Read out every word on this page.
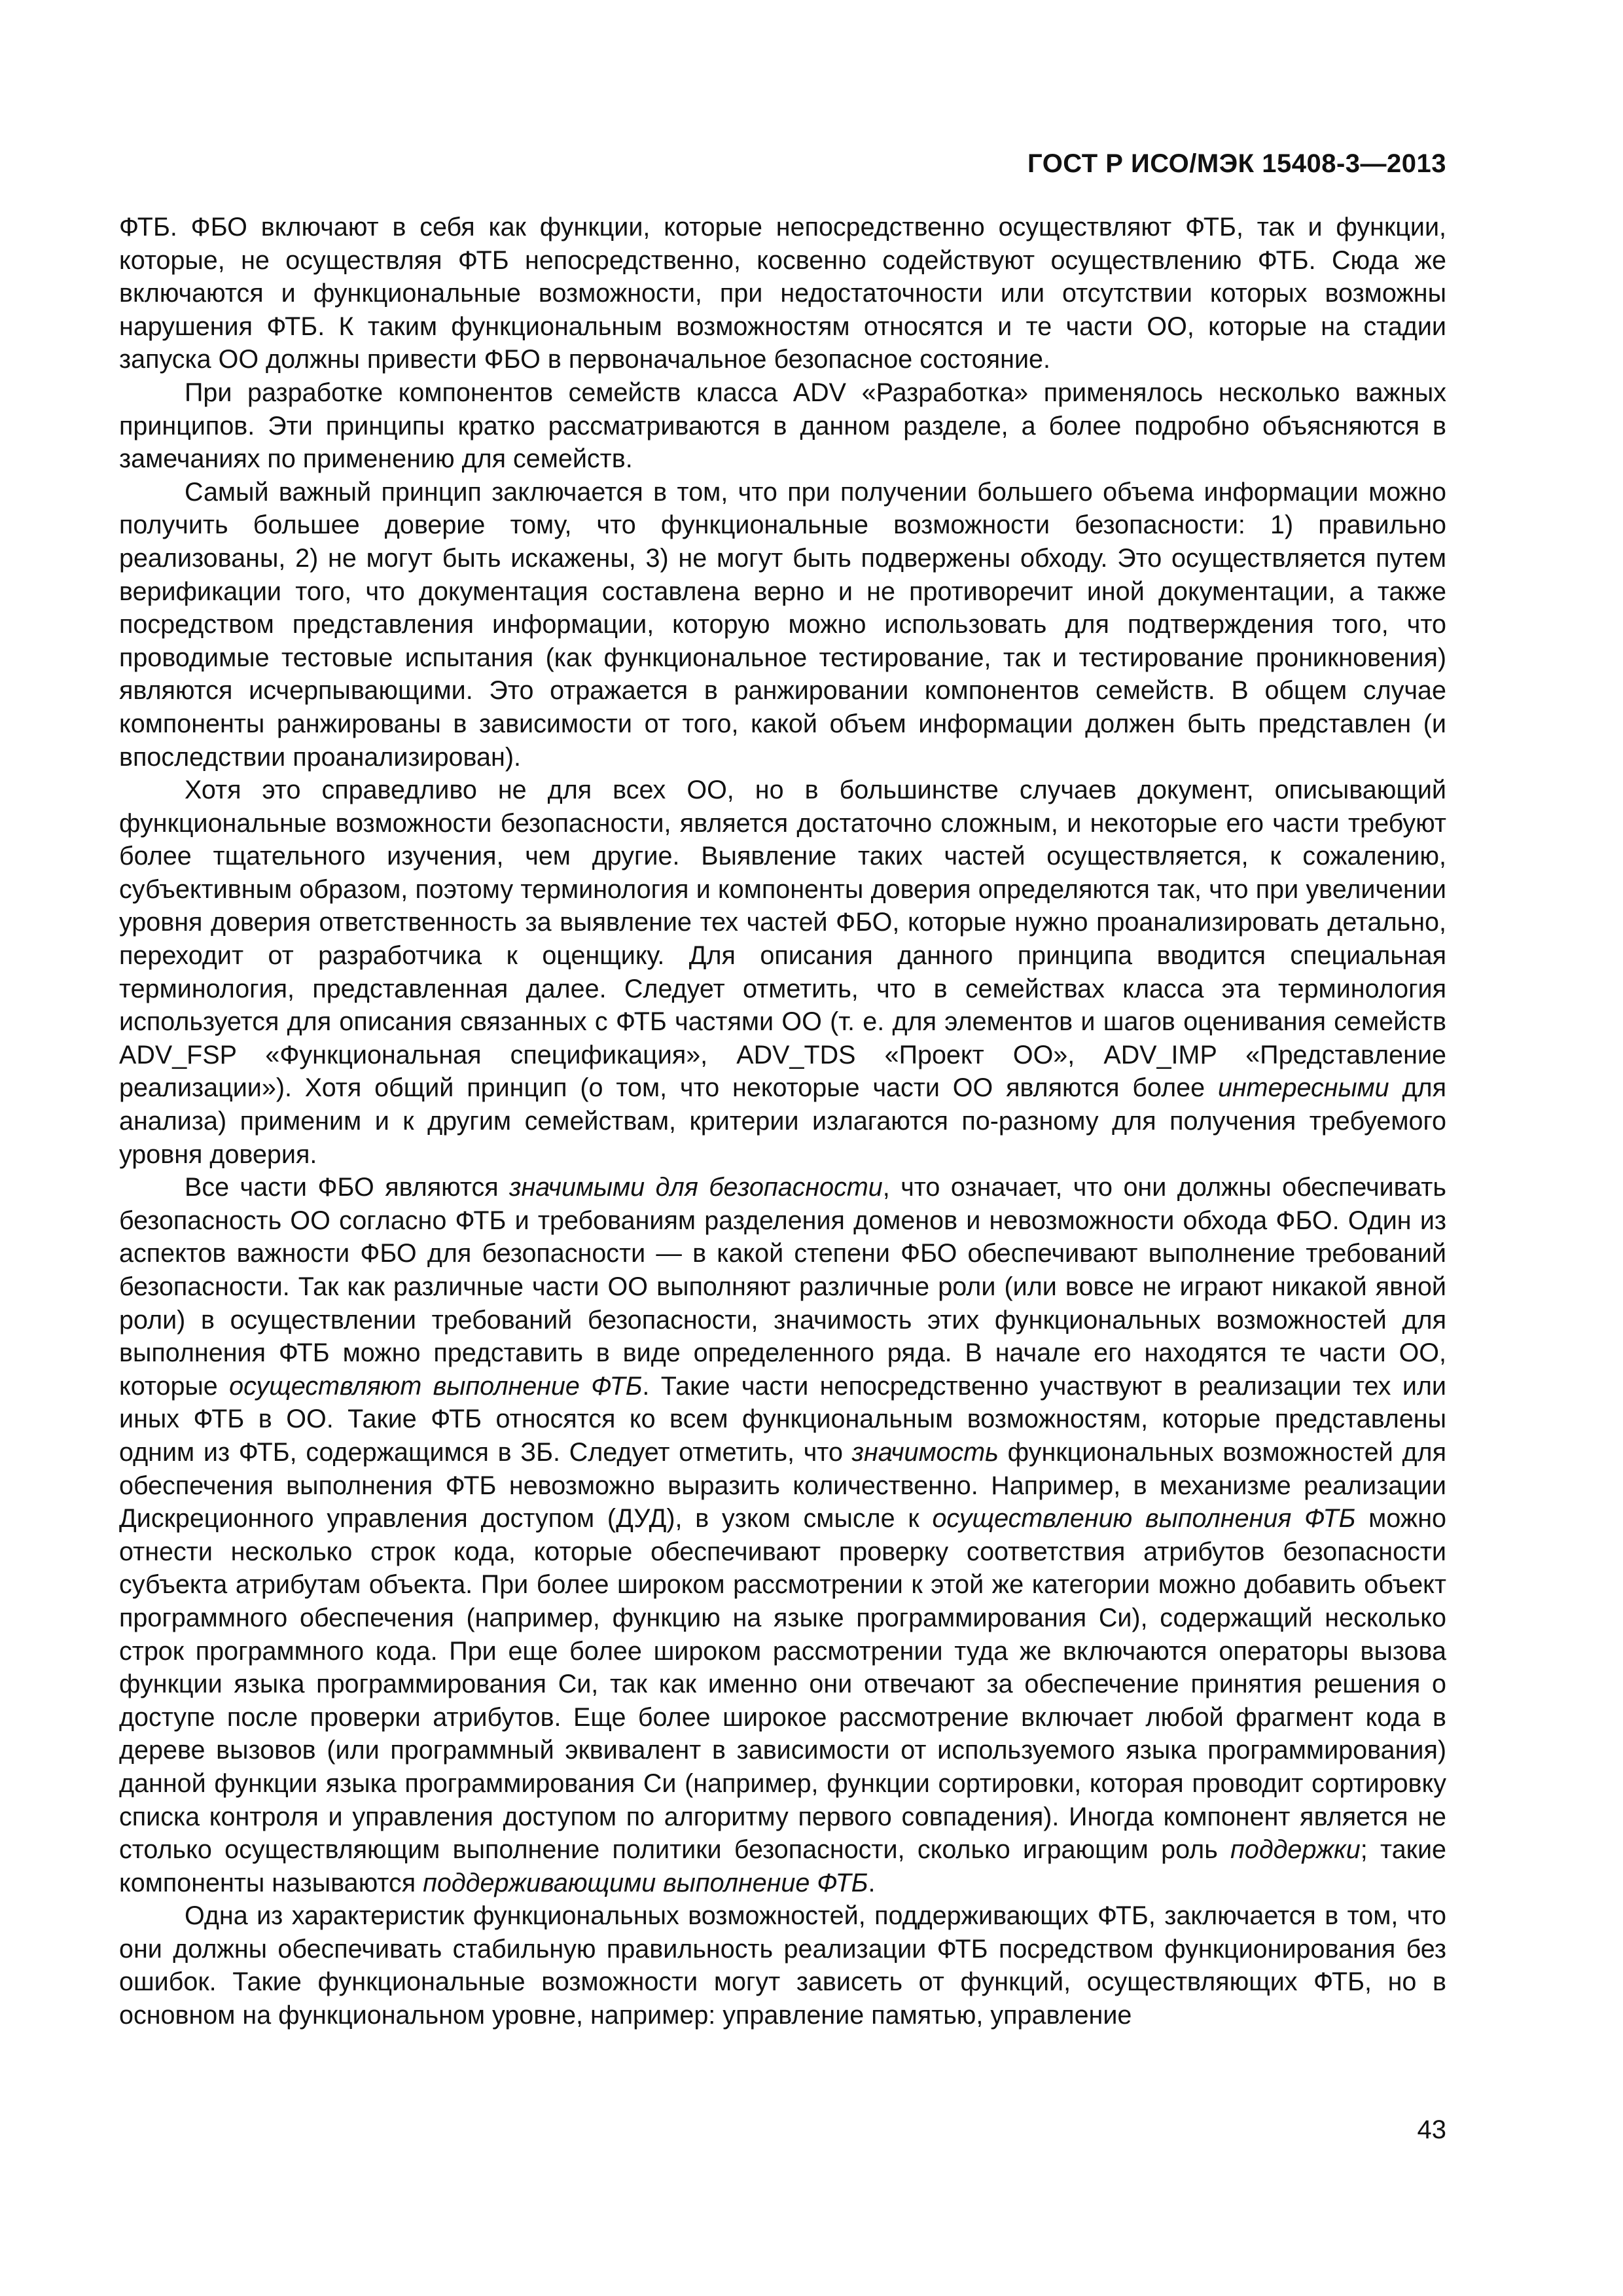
ГОСТ Р ИСО/МЭК 15408-3—2013

ФТБ. ФБО включают в себя как функции, которые непосредственно осуществляют ФТБ, так и функции, которые, не осуществляя ФТБ непосредственно, косвенно содействуют осуществлению ФТБ. Сюда же включаются и функциональные возможности, при недостаточности или отсутствии которых возможны нарушения ФТБ. К таким функциональным возможностям относятся и те части ОО, которые на стадии запуска ОО должны привести ФБО в первоначальное безопасное состояние.

При разработке компонентов семейств класса ADV «Разработка» применялось несколько важных принципов. Эти принципы кратко рассматриваются в данном разделе, а более подробно объясняются в замечаниях по применению для семейств.

Самый важный принцип заключается в том, что при получении большего объема информации можно получить большее доверие тому, что функциональные возможности безопасности: 1) правильно реализованы, 2) не могут быть искажены, 3) не могут быть подвержены обходу. Это осуществляется путем верификации того, что документация составлена верно и не противоречит иной документации, а также посредством представления информации, которую можно использовать для подтверждения того, что проводимые тестовые испытания (как функциональное тестирование, так и тестирование проникновения) являются исчерпывающими. Это отражается в ранжировании компонентов семейств. В общем случае компоненты ранжированы в зависимости от того, какой объем информации должен быть представлен (и впоследствии проанализирован).

Хотя это справедливо не для всех ОО, но в большинстве случаев документ, описывающий функциональные возможности безопасности, является достаточно сложным, и некоторые его части требуют более тщательного изучения, чем другие. Выявление таких частей осуществляется, к сожалению, субъективным образом, поэтому терминология и компоненты доверия определяются так, что при увеличении уровня доверия ответственность за выявление тех частей ФБО, которые нужно проанализировать детально, переходит от разработчика к оценщику. Для описания данного принципа вводится специальная терминология, представленная далее. Следует отметить, что в семействах класса эта терминология используется для описания связанных с ФТБ частями ОО (т. е. для элементов и шагов оценивания семейств ADV_FSP «Функциональная спецификация», ADV_TDS «Проект ОО», ADV_IMP «Представление реализации»). Хотя общий принцип (о том, что некоторые части ОО являются более интересными для анализа) применим и к другим семействам, критерии излагаются по-разному для получения требуемого уровня доверия.

Все части ФБО являются значимыми для безопасности, что означает, что они должны обеспечивать безопасность ОО согласно ФТБ и требованиям разделения доменов и невозможности обхода ФБО. Один из аспектов важности ФБО для безопасности — в какой степени ФБО обеспечивают выполнение требований безопасности. Так как различные части ОО выполняют различные роли (или вовсе не играют никакой явной роли) в осуществлении требований безопасности, значимость этих функциональных возможностей для выполнения ФТБ можно представить в виде определенного ряда. В начале его находятся те части ОО, которые осуществляют выполнение ФТБ. Такие части непосредственно участвуют в реализации тех или иных ФТБ в ОО. Такие ФТБ относятся ко всем функциональным возможностям, которые представлены одним из ФТБ, содержащимся в ЗБ. Следует отметить, что значимость функциональных возможностей для обеспечения выполнения ФТБ невозможно выразить количественно. Например, в механизме реализации Дискреционного управления доступом (ДУД), в узком смысле к осуществлению выполнения ФТБ можно отнести несколько строк кода, которые обеспечивают проверку соответствия атрибутов безопасности субъекта атрибутам объекта. При более широком рассмотрении к этой же категории можно добавить объект программного обеспечения (например, функцию на языке программирования Си), содержащий несколько строк программного кода. При еще более широком рассмотрении туда же включаются операторы вызова функции языка программирования Си, так как именно они отвечают за обеспечение принятия решения о доступе после проверки атрибутов. Еще более широкое рассмотрение включает любой фрагмент кода в дереве вызовов (или программный эквивалент в зависимости от используемого языка программирования) данной функции языка программирования Си (например, функции сортировки, которая проводит сортировку списка контроля и управления доступом по алгоритму первого совпадения). Иногда компонент является не столько осуществляющим выполнение политики безопасности, сколько играющим роль поддержки; такие компоненты называются поддерживающими выполнение ФТБ.

Одна из характеристик функциональных возможностей, поддерживающих ФТБ, заключается в том, что они должны обеспечивать стабильную правильность реализации ФТБ посредством функционирования без ошибок. Такие функциональные возможности могут зависеть от функций, осуществляющих ФТБ, но в основном на функциональном уровне, например: управление памятью, управление

43
